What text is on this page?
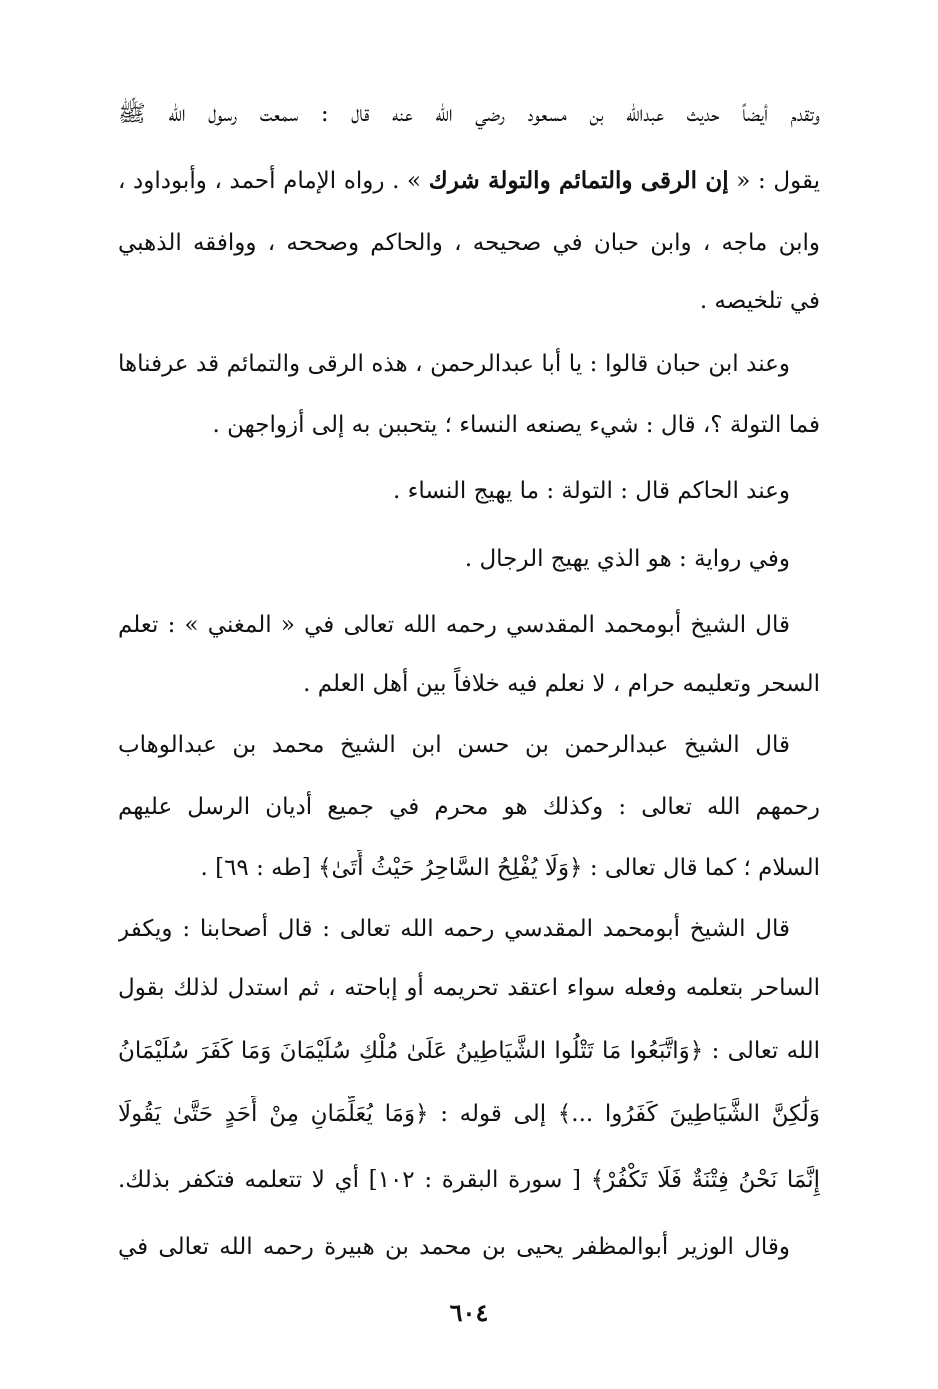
وتقدم أيضاً حديث عبدالله بن مسعود رضي الله عنه قال : سمعت رسول الله ﷺ
يقول : « إن الرقى والتمائم والتولة شرك » . رواه الإمام أحمد ، وأبوداود ،
وابن ماجه ، وابن حبان في صحيحه ، والحاكم وصححه ، ووافقه الذهبي
في تلخيصه .
وعند ابن حبان قالوا : يا أبا عبدالرحمن ، هذه الرقى والتمائم قد عرفناها
فما التولة ؟، قال : شيء يصنعه النساء ؛ يتحببن به إلى أزواجهن .
وعند الحاكم قال : التولة : ما يهيج النساء .
وفي رواية : هو الذي يهيج الرجال .
قال الشيخ أبومحمد المقدسي رحمه الله تعالى في « المغني » : تعلم
السحر وتعليمه حرام ، لا نعلم فيه خلافاً بين أهل العلم .
قال الشيخ عبدالرحمن بن حسن ابن الشيخ محمد بن عبدالوهاب
رحمهم الله تعالى : وكذلك هو محرم في جميع أديان الرسل عليهم
السلام ؛ كما قال تعالى : ﴿وَلَا يُفْلِحُ السَّاحِرُ حَيْثُ أَتَىٰ﴾ [طه : ٦٩] .
قال الشيخ أبومحمد المقدسي رحمه الله تعالى : قال أصحابنا : ويكفر
الساحر بتعلمه وفعله سواء اعتقد تحريمه أو إباحته ، ثم استدل لذلك بقول
الله تعالى : ﴿وَاتَّبَعُوا مَا تَتْلُوا الشَّيَاطِينُ عَلَىٰ مُلْكِ سُلَيْمَانَ وَمَا كَفَرَ سُلَيْمَانُ
وَلَٰكِنَّ الشَّيَاطِينَ كَفَرُوا ...﴾ إلى قوله : ﴿وَمَا يُعَلِّمَانِ مِنْ أَحَدٍ حَتَّىٰ يَقُولَا
إِنَّمَا نَحْنُ فِتْنَةٌ فَلَا تَكْفُرْ﴾ [ سورة البقرة : ١٠٢] أي لا تتعلمه فتكفر بذلك.
وقال الوزير أبوالمظفر يحيى بن محمد بن هبيرة رحمه الله تعالى في
٦٠٤
